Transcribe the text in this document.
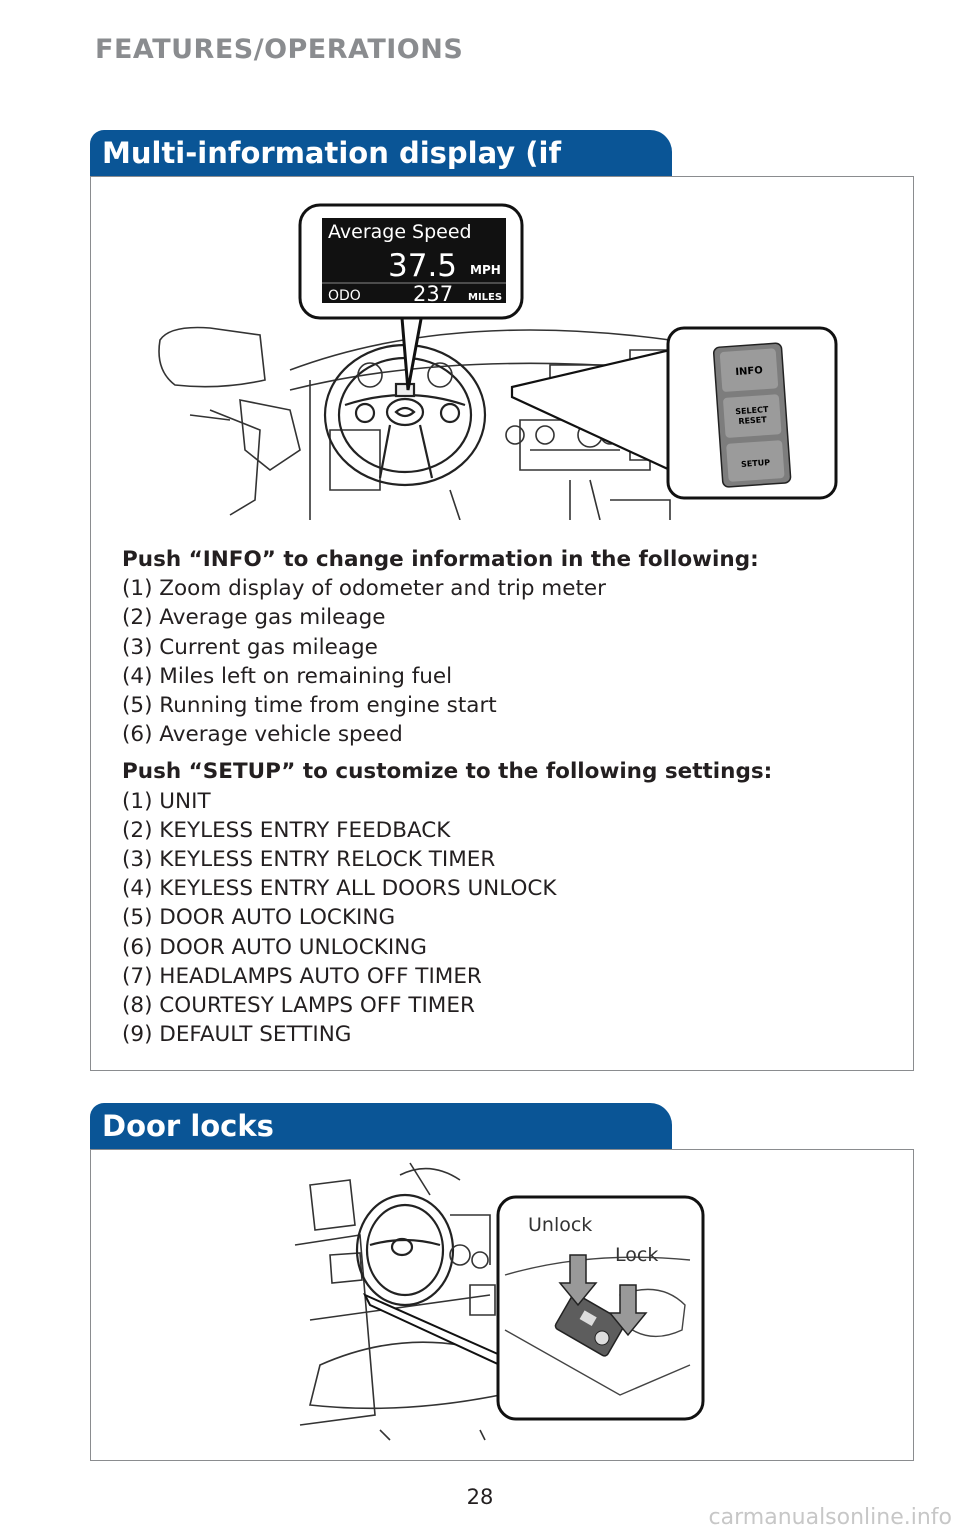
FEATURES/OPERATIONS
Multi-information display (if equipped)
Average Speed
37.5 MPH
ODO 237 MILES
INFO
SELECT
RESET
SETUP
Push “INFO” to change information in the following:
(1) Zoom display of odometer and trip meter
(2) Average gas mileage
(3) Current gas mileage
(4) Miles left on remaining fuel
(5) Running time from engine start
(6) Average vehicle speed
Push “SETUP” to customize to the following settings:
(1) UNIT
(2) KEYLESS ENTRY FEEDBACK
(3) KEYLESS ENTRY RELOCK TIMER
(4) KEYLESS ENTRY ALL DOORS UNLOCK
(5) DOOR AUTO LOCKING
(6) DOOR AUTO UNLOCKING
(7) HEADLAMPS AUTO OFF TIMER
(8) COURTESY LAMPS OFF TIMER
(9) DEFAULT SETTING
Door locks
Unlock
Lock
28
carmanualsonline.info
